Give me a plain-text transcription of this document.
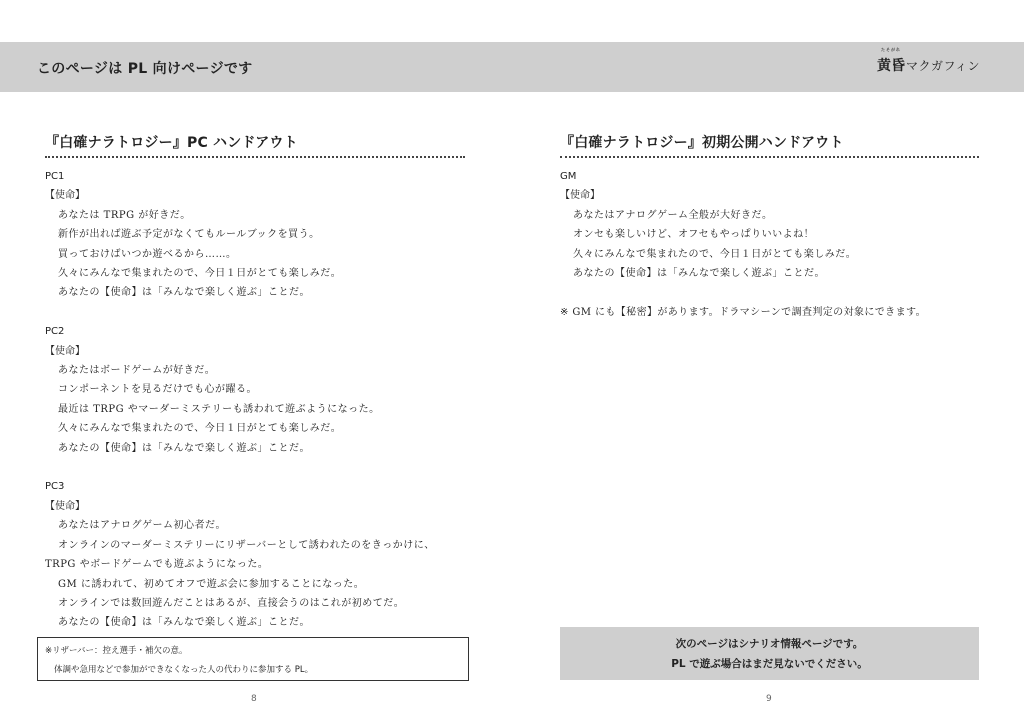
このページは PL 向けページです
たそがれ
黄昏マクガフィン
『白確ナラトロジー』PC ハンドアウト
PC1
【使命】
あなたは TRPG が好きだ。
新作が出れば遊ぶ予定がなくてもルールブックを買う。
買っておけばいつか遊べるから……。
久々にみんなで集まれたので、今日１日がとても楽しみだ。
あなたの【使命】は「みんなで楽しく遊ぶ」ことだ。
PC2
【使命】
あなたはボードゲームが好きだ。
コンポーネントを見るだけでも心が躍る。
最近は TRPG やマーダーミステリーも誘われて遊ぶようになった。
久々にみんなで集まれたので、今日１日がとても楽しみだ。
あなたの【使命】は「みんなで楽しく遊ぶ」ことだ。
PC3
【使命】
あなたはアナログゲーム初心者だ。
オンラインのマーダーミステリーにリザーバーとして誘われたのをきっかけに、
TRPG やボードゲームでも遊ぶようになった。
GM に誘われて、初めてオフで遊ぶ会に参加することになった。
オンラインでは数回遊んだことはあるが、直接会うのはこれが初めてだ。
あなたの【使命】は「みんなで楽しく遊ぶ」ことだ。
※リザーバー：控え選手・補欠の意。
体調や急用などで参加ができなくなった人の代わりに参加する PL。
『白確ナラトロジー』初期公開ハンドアウト
GM
【使命】
あなたはアナログゲーム全般が大好きだ。
オンセも楽しいけど、オフセもやっぱりいいよね！
久々にみんなで集まれたので、今日１日がとても楽しみだ。
あなたの【使命】は「みんなで楽しく遊ぶ」ことだ。
※ GM にも【秘密】があります。ドラマシーンで調査判定の対象にできます。
次のページはシナリオ情報ページです。
PL で遊ぶ場合はまだ見ないでください。
8	9
